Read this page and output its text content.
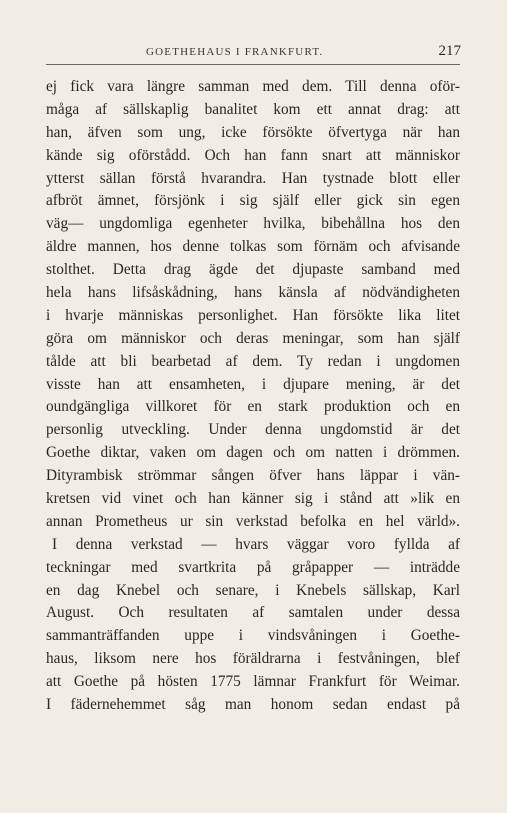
GOETHEHAUS I FRANKFURT.	217
ej fick vara längre samman med dem. Till denna oför-
måga af sällskaplig banalitet kom ett annat drag: att
han, äfven som ung, icke försökte öfvertyga när han
kände sig oförstådd. Och han fann snart att människor
ytterst sällan förstå hvarandra. Han tystnade blott eller
afbröt ämnet, försjönk i sig själf eller gick sin egen
väg— ungdomliga egenheter hvilka, bibehållna hos den
äldre mannen, hos denne tolkas som förnäm och afvisande
stolthet. Detta drag ägde det djupaste samband med
hela hans lifsåskådning, hans känsla af nödvändigheten
i hvarje människas personlighet. Han försökte lika litet
göra om människor och deras meningar, som han själf
tålde att bli bearbetad af dem. Ty redan i ungdomen
visste han att ensamheten, i djupare mening, är det
oundgängliga villkoret för en stark produktion och en
personlig utveckling. Under denna ungdomstid är det
Goethe diktar, vaken om dagen och om natten i drömmen.
Dityrambisk strömmar sången öfver hans läppar i vän-
kretsen vid vinet och han känner sig i stånd att »lik en
annan Prometheus ur sin verkstad befolka en hel värld».
I denna verkstad — hvars väggar voro fyllda af
teckningar med svartkrita på gråpapper — inträdde
en dag Knebel och senare, i Knebels sällskap, Karl
August. Och resultaten af samtalen under dessa
sammanträffanden uppe i vindsvåningen i Goethe-
haus, liksom nere hos föräldrarna i festvåningen, blef
att Goethe på hösten 1775 lämnar Frankfurt för Weimar.
I fädernehemmet såg man honom sedan endast på
